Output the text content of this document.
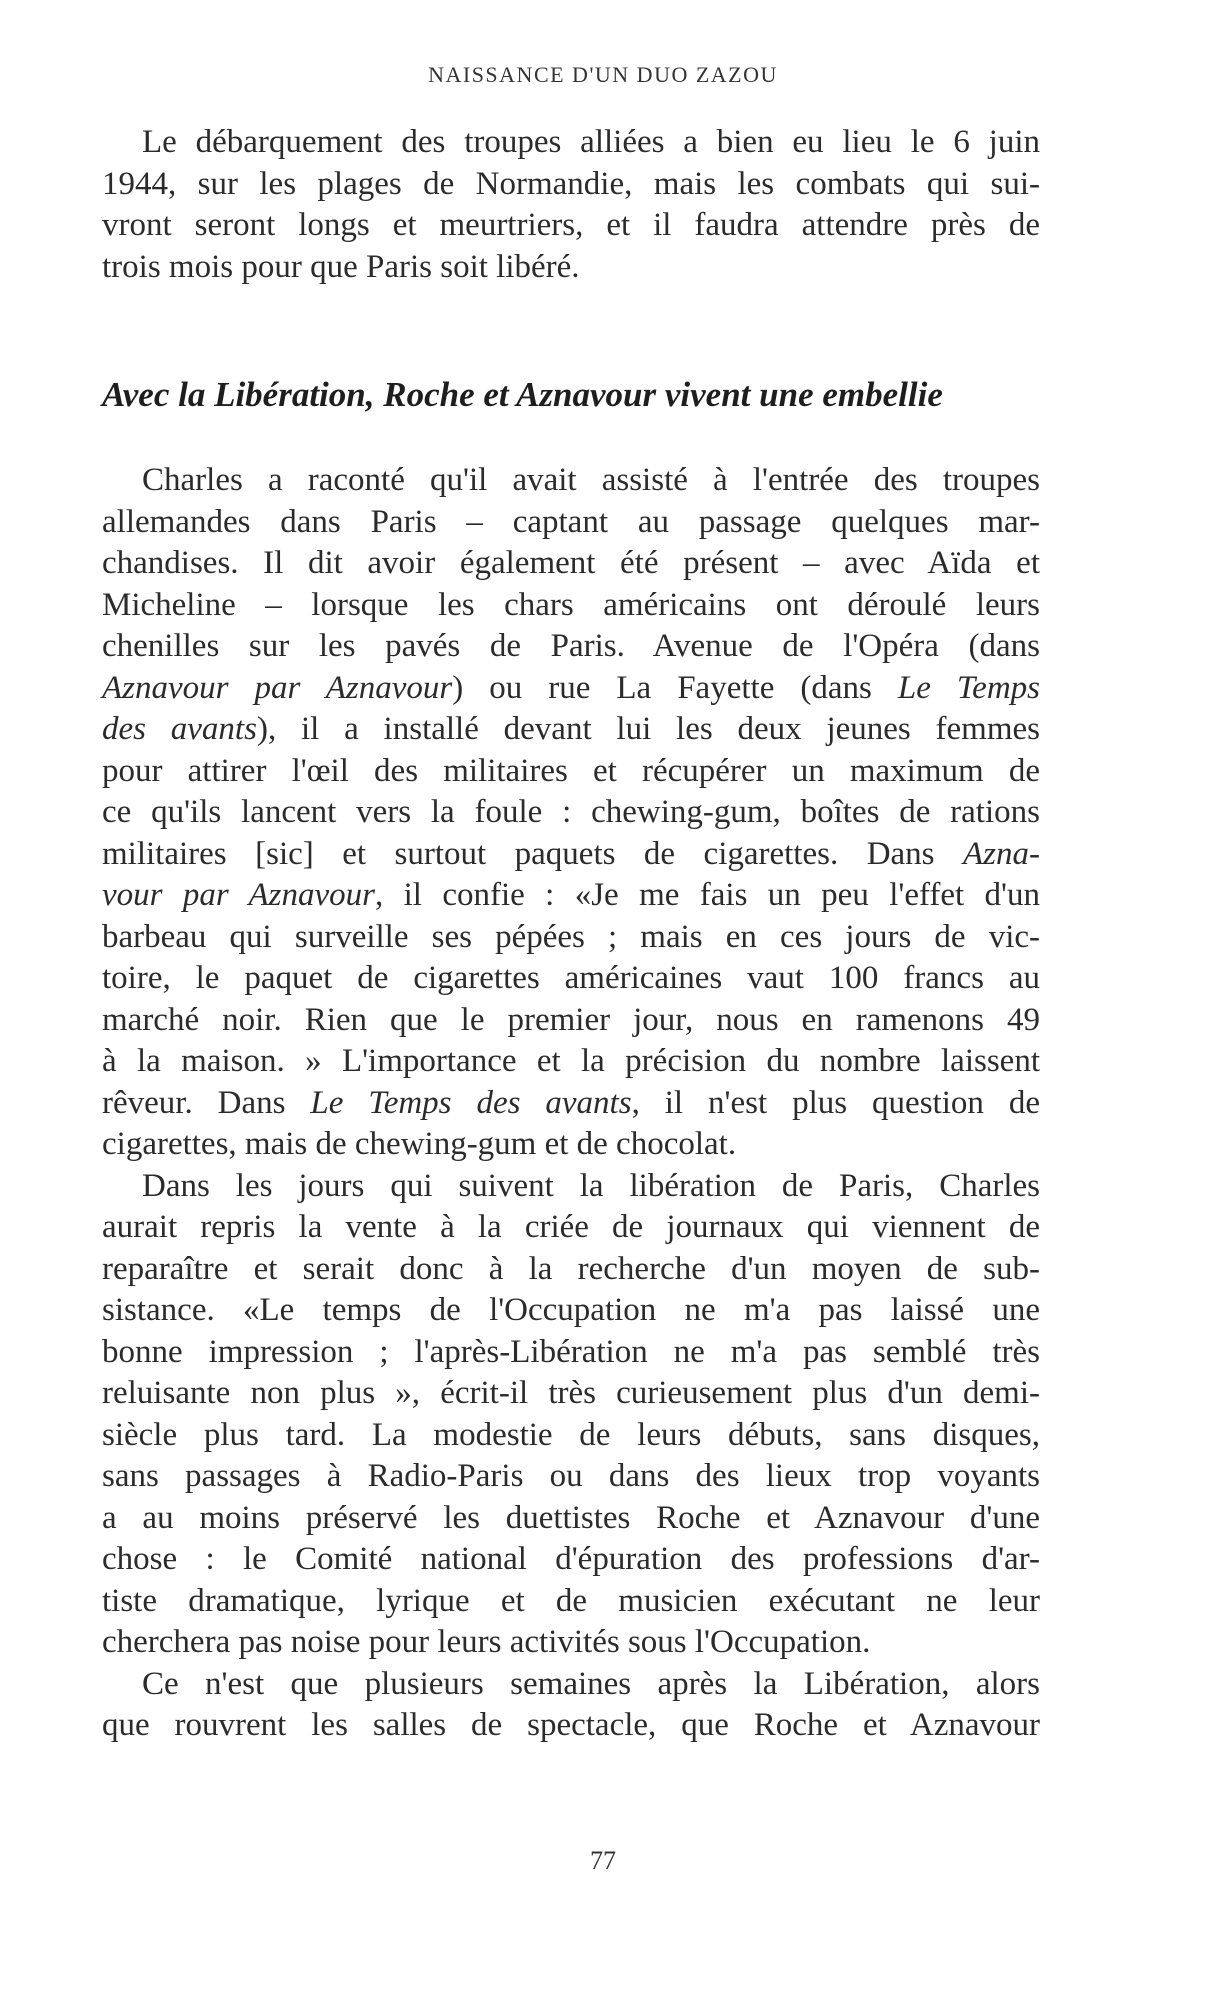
NAISSANCE D'UN DUO ZAZOU
Le débarquement des troupes alliées a bien eu lieu le 6 juin
1944, sur les plages de Normandie, mais les combats qui sui-
vront seront longs et meurtriers, et il faudra attendre près de
trois mois pour que Paris soit libéré.
Avec la Libération, Roche et Aznavour vivent une embellie
Charles a raconté qu'il avait assisté à l'entrée des troupes
allemandes dans Paris – captant au passage quelques mar-
chandises. Il dit avoir également été présent – avec Aïda et
Micheline – lorsque les chars américains ont déroulé leurs
chenilles sur les pavés de Paris. Avenue de l'Opéra (dans
Aznavour par Aznavour) ou rue La Fayette (dans Le Temps
des avants), il a installé devant lui les deux jeunes femmes
pour attirer l'œil des militaires et récupérer un maximum de
ce qu'ils lancent vers la foule : chewing-gum, boîtes de rations
militaires [sic] et surtout paquets de cigarettes. Dans Azna-
vour par Aznavour, il confie : «Je me fais un peu l'effet d'un
barbeau qui surveille ses pépées ; mais en ces jours de vic-
toire, le paquet de cigarettes américaines vaut 100 francs au
marché noir. Rien que le premier jour, nous en ramenons 49
à la maison. » L'importance et la précision du nombre laissent
rêveur. Dans Le Temps des avants, il n'est plus question de
cigarettes, mais de chewing-gum et de chocolat.
Dans les jours qui suivent la libération de Paris, Charles
aurait repris la vente à la criée de journaux qui viennent de
reparaître et serait donc à la recherche d'un moyen de sub-
sistance. «Le temps de l'Occupation ne m'a pas laissé une
bonne impression ; l'après-Libération ne m'a pas semblé très
reluisante non plus », écrit-il très curieusement plus d'un demi-
siècle plus tard. La modestie de leurs débuts, sans disques,
sans passages à Radio-Paris ou dans des lieux trop voyants
a au moins préservé les duettistes Roche et Aznavour d'une
chose : le Comité national d'épuration des professions d'ar-
tiste dramatique, lyrique et de musicien exécutant ne leur
cherchera pas noise pour leurs activités sous l'Occupation.
Ce n'est que plusieurs semaines après la Libération, alors
que rouvrent les salles de spectacle, que Roche et Aznavour
77
